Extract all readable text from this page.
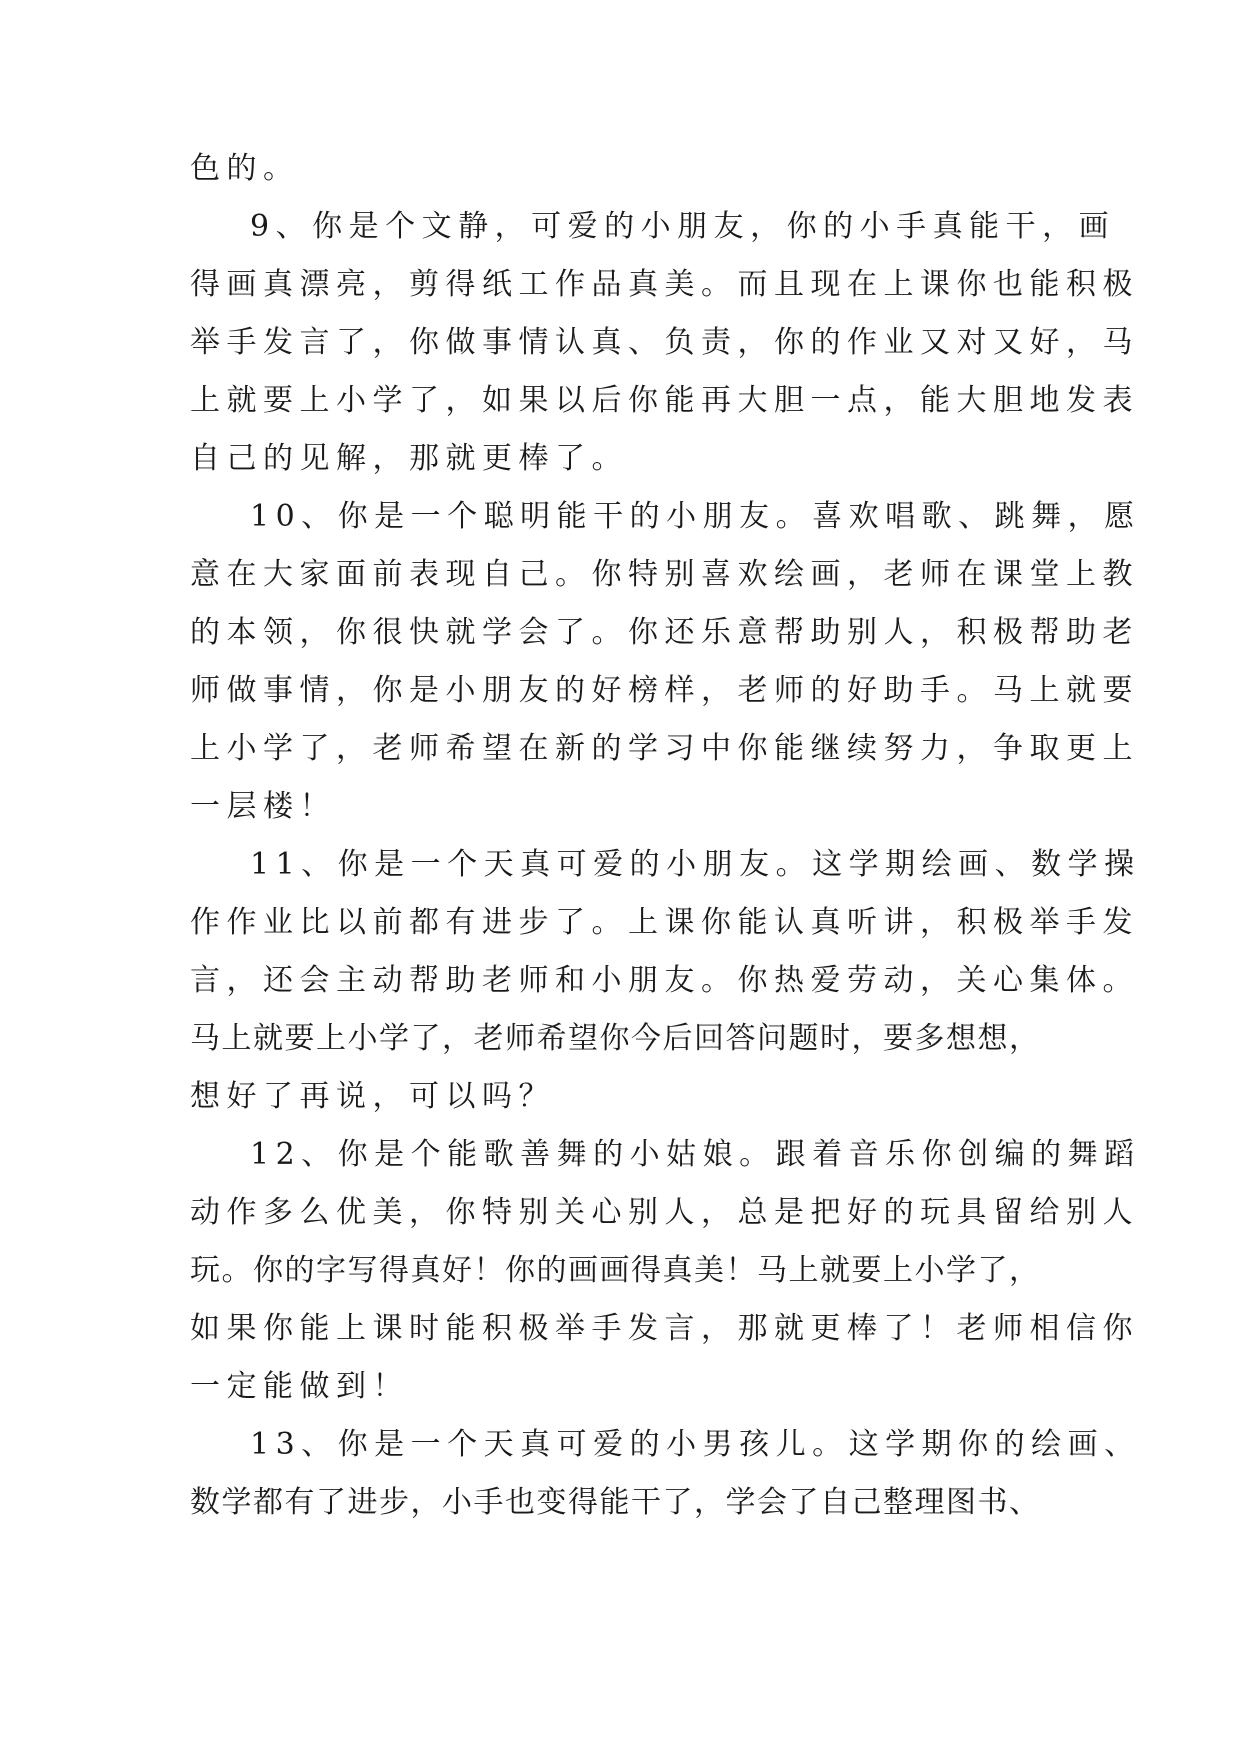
色的。
9、你是个文静，可爱的小朋友，你的小手真能干，画
得画真漂亮，剪得纸工作品真美。而且现在上课你也能积极
举手发言了，你做事情认真、负责，你的作业又对又好，马
上就要上小学了，如果以后你能再大胆一点，能大胆地发表
自己的见解，那就更棒了。
10、你是一个聪明能干的小朋友。喜欢唱歌、跳舞，愿
意在大家面前表现自己。你特别喜欢绘画，老师在课堂上教
的本领，你很快就学会了。你还乐意帮助别人，积极帮助老
师做事情，你是小朋友的好榜样，老师的好助手。马上就要
上小学了，老师希望在新的学习中你能继续努力，争取更上
一层楼！
11、你是一个天真可爱的小朋友。这学期绘画、数学操
作作业比以前都有进步了。上课你能认真听讲，积极举手发
言，还会主动帮助老师和小朋友。你热爱劳动，关心集体。
马上就要上小学了，老师希望你今后回答问题时，要多想想，
想好了再说，可以吗？
12、你是个能歌善舞的小姑娘。跟着音乐你创编的舞蹈
动作多么优美，你特别关心别人，总是把好的玩具留给别人
玩。你的字写得真好！你的画画得真美！马上就要上小学了，
如果你能上课时能积极举手发言，那就更棒了！老师相信你
一定能做到！
13、你是一个天真可爱的小男孩儿。这学期你的绘画、
数学都有了进步，小手也变得能干了，学会了自己整理图书、
